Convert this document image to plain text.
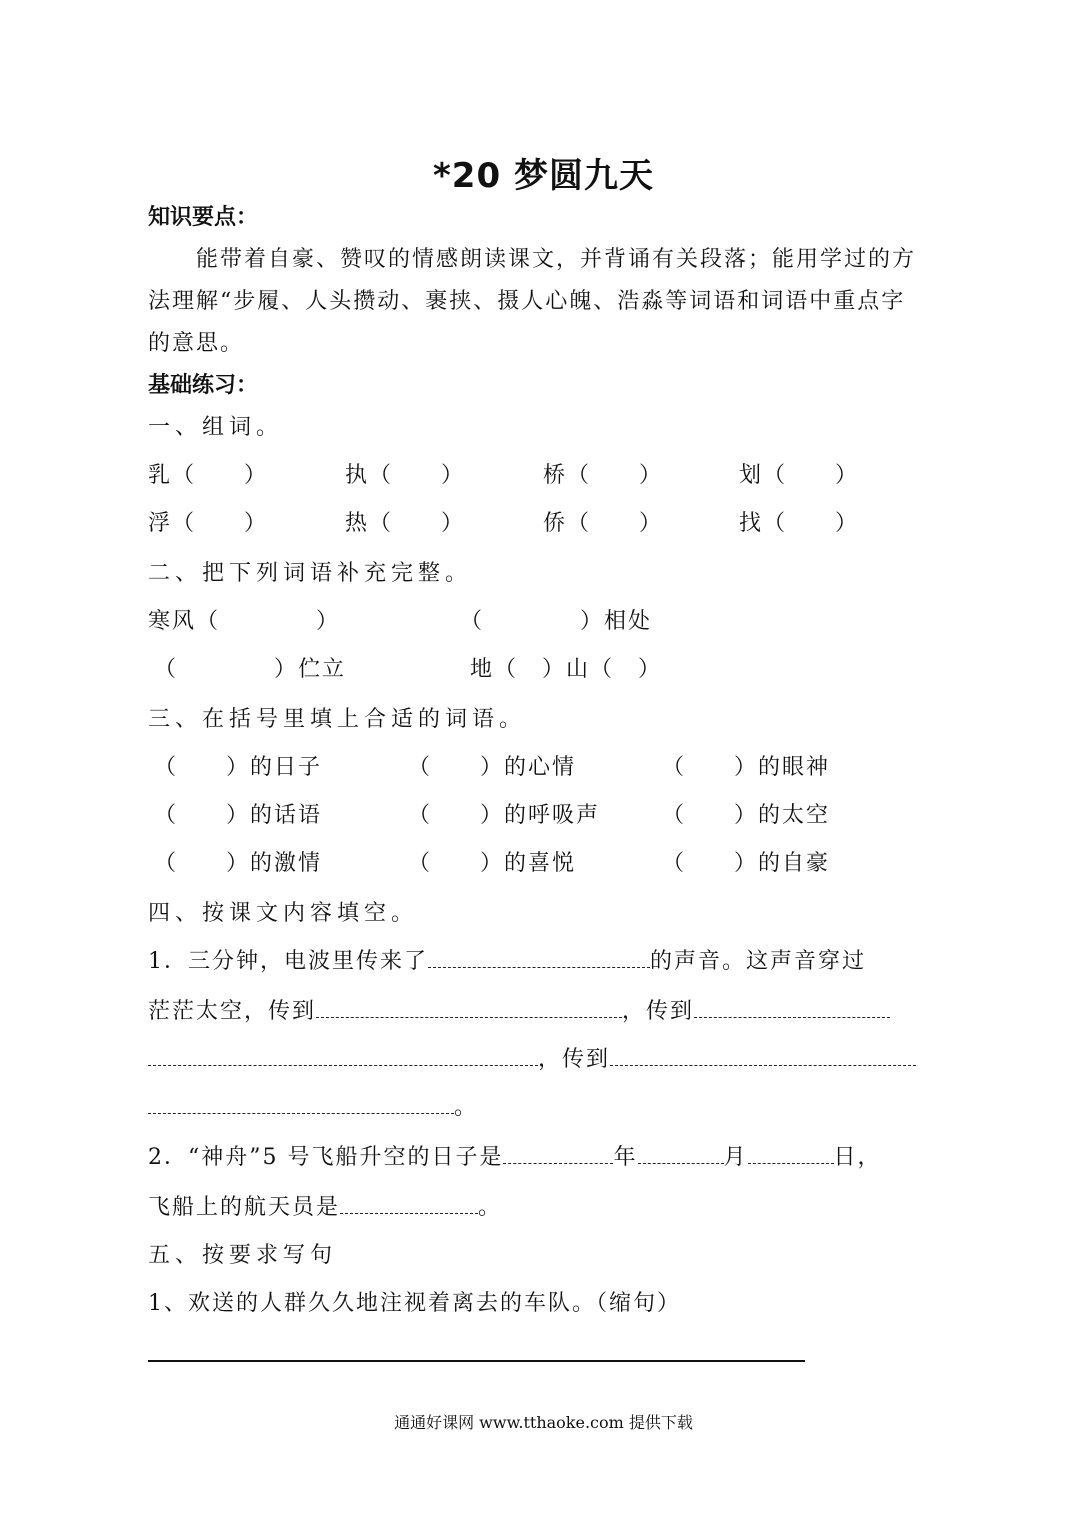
*20 梦圆九天
知识要点：
能带着自豪、赞叹的情感朗读课文，并背诵有关段落；能用学过的方
法理解“步履、人头攒动、裹挟、摄人心魄、浩淼等词语和词语中重点字
的意思。
基础练习：
一、组词。
乳（　　）	执（　　）	桥（　　）	划（　　）
浮（　　）	热（　　）	侨（　　）	找（　　）
二、把下列词语补充完整。
寒风（　　　　）	（　　　　）相处
（　　　　）伫立	地（　）山（　）
三、在括号里填上合适的词语。
（　　）的日子	（　　）的心情	（　　）的眼神
（　　）的话语	（　　）的呼吸声	（　　）的太空
（　　）的激情	（　　）的喜悦	（　　）的自豪
四、按课文内容填空。
1．三分钟，电波里传来了	的声音。这声音穿过
茫茫太空，传到	，传到
，传到
。
2．“神舟”5 号飞船升空的日子是	年	月	日，
飞船上的航天员是	。
五、按要求写句
1、欢送的人群久久地注视着离去的车队。（缩句）
通通好课网 www.tthaoke.com 提供下载
